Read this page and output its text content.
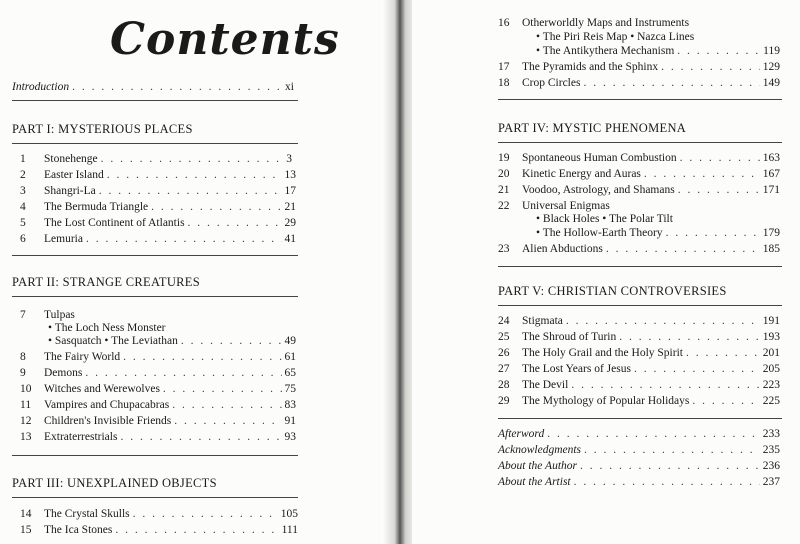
Contents
Introduction . . .	xi
PART I: MYSTERIOUS PLACES
1	Stonehenge . . .	3
2	Easter Island . . .	13
3	Shangri-La . . .	17
4	The Bermuda Triangle . . .	21
5	The Lost Continent of Atlantis . . .	29
6	Lemuria . . .	41
PART II: STRANGE CREATURES
7	Tulpas
• The Loch Ness Monster
• Sasquatch • The Leviathan . . .	49
8	The Fairy World . . .	61
9	Demons . . .	65
10	Witches and Werewolves . . .	75
11	Vampires and Chupacabras . . .	83
12	Children's Invisible Friends . . .	91
13	Extraterrestrials . . .	93
PART III: UNEXPLAINED OBJECTS
14	The Crystal Skulls . . .	105
15	The Ica Stones . . .	111
16	Otherworldly Maps and Instruments
• The Piri Reis Map • Nazca Lines
• The Antikythera Mechanism . . .	119
17	The Pyramids and the Sphinx . . .	129
18	Crop Circles . . .	149
PART IV: MYSTIC PHENOMENA
19	Spontaneous Human Combustion . . .	163
20	Kinetic Energy and Auras . . .	167
21	Voodoo, Astrology, and Shamans . . .	171
22	Universal Enigmas
• Black Holes • The Polar Tilt
• The Hollow-Earth Theory . . .	179
23	Alien Abductions . . .	185
PART V: CHRISTIAN CONTROVERSIES
24	Stigmata . . .	191
25	The Shroud of Turin . . .	193
26	The Holy Grail and the Holy Spirit . . .	201
27	The Lost Years of Jesus . . .	205
28	The Devil . . .	223
29	The Mythology of Popular Holidays . . .	225
Afterword . . .	233
Acknowledgments . . .	235
About the Author . . .	236
About the Artist . . .	237
